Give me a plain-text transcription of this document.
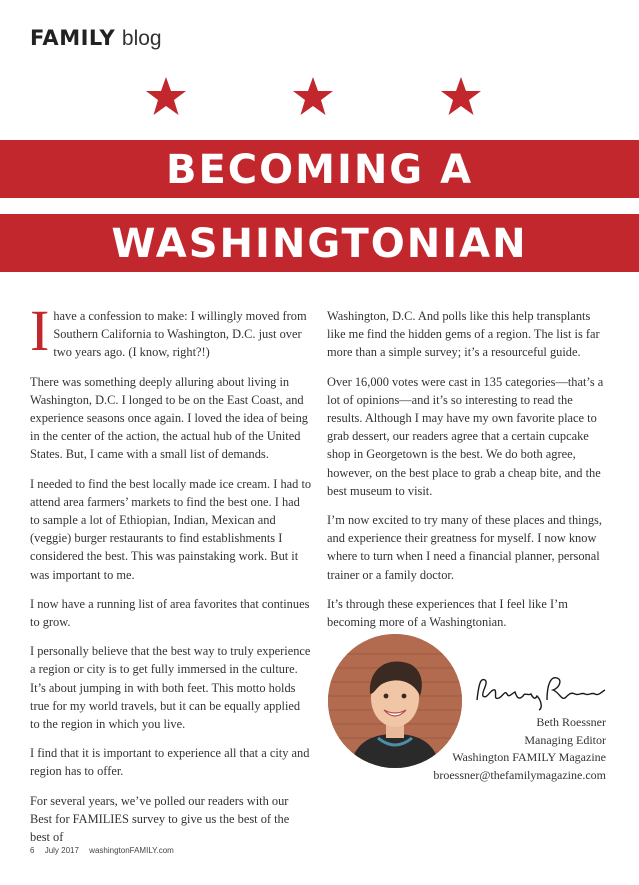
FAMILY blog
BECOMING A
WASHINGTONIAN

Ihave a confession to make: I willingly moved from Southern California to Washington, D.C. just over two years ago. (I know, right?!)

There was something deeply alluring about living in Washington, D.C. I longed to be on the East Coast, and experience seasons once again. I loved the idea of being in the center of the action, the actual hub of the United States. But, I came with a small list of demands.

I needed to find the best locally made ice cream. I had to attend area farmers’ markets to find the best one. I had to sample a lot of Ethiopian, Indian, Mexican and (veggie) burger restaurants to find establishments I considered the best. This was painstaking work. But it was important to me.

I now have a running list of area favorites that continues to grow.

I personally believe that the best way to truly experience a region or city is to get fully immersed in the culture. It’s about jumping in with both feet. This motto holds true for my world travels, but it can be equally applied to the region in which you live.

I find that it is important to experience all that a city and region has to offer.

For several years, we’ve polled our readers with our Best for FAMILIES survey to give us the best of the best of

Washington, D.C. And polls like this help transplants like me find the hidden gems of a region. The list is far more than a simple survey; it’s a resourceful guide.

Over 16,000 votes were cast in 135 categories—that’s a lot of opinions—and it’s so interesting to read the results. Although I may have my own favorite place to grab dessert, our readers agree that a certain cupcake shop in Georgetown is the best. We do both agree, however, on the best place to grab a cheap bite, and the best museum to visit.

I’m now excited to try many of these places and things, and experience their greatness for myself. I now know where to turn when I need a financial planner, personal trainer or a family doctor.

It’s through these experiences that I feel like I’m becoming more of a Washingtonian.

Beth Roessner
Managing Editor
Washington FAMILY Magazine
broessner@thefamilymagazine.com
6 July 2017 washingtonFAMILY.com
